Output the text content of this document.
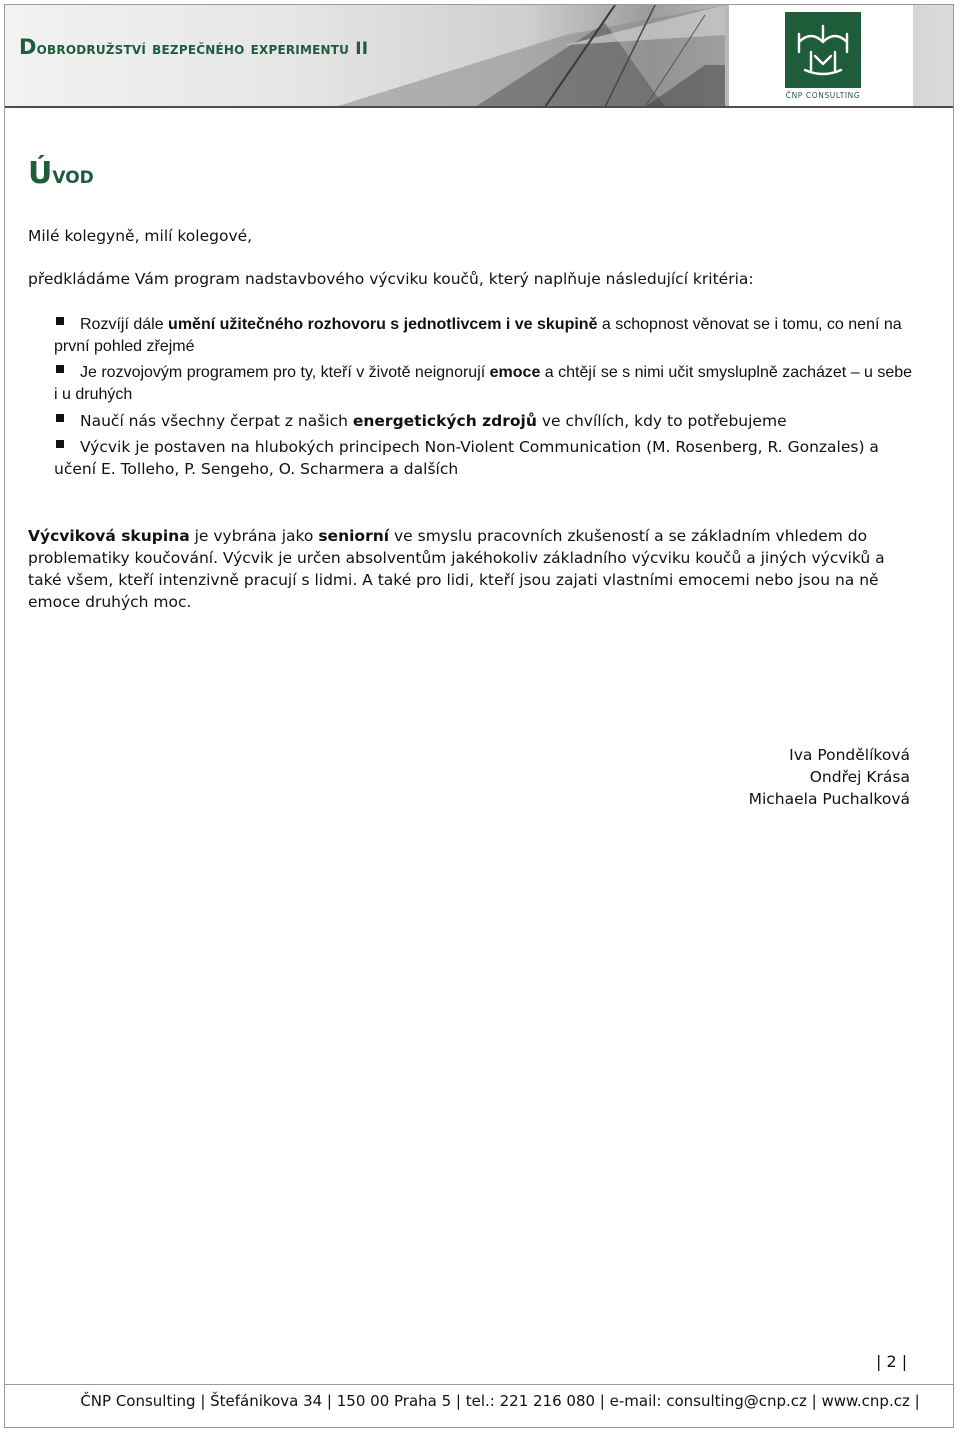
Dobrodružství bezpečného experimentu II
ČNP CONSULTING
Úvod
Milé kolegyně, milí kolegové,
předkládáme Vám program nadstavbového výcviku koučů, který naplňuje následující kritéria:
Rozvíjí dále umění užitečného rozhovoru s jednotlivcem i ve skupině a schopnost věnovat se i tomu, co není na první pohled zřejmé
Je rozvojovým programem pro ty, kteří v životě neignorují emoce a chtějí se s nimi učit smysluplně zacházet – u sebe i u druhých
Naučí nás všechny čerpat z našich energetických zdrojů ve chvílích, kdy to potřebujeme
Výcvik je postaven na hlubokých principech Non-Violent Communication (M. Rosenberg, R. Gonzales) a učení E. Tolleho, P. Sengeho, O. Scharmera a dalších
Výcviková skupina je vybrána jako seniorní ve smyslu pracovních zkušeností a se základním vhledem do problematiky koučování. Výcvik je určen absolventům jakéhokoliv základního výcviku koučů a jiných výcviků a také všem, kteří intenzivně pracují s lidmi. A také pro lidi, kteří jsou zajati vlastními emocemi nebo jsou na ně emoce druhých moc.
Iva Pondělíková
Ondřej Krása
Michaela Puchalková
| 2 |
ČNP Consulting | Štefánikova 34 | 150 00 Praha 5 | tel.: 221 216 080 | e-mail: consulting@cnp.cz | www.cnp.cz |
